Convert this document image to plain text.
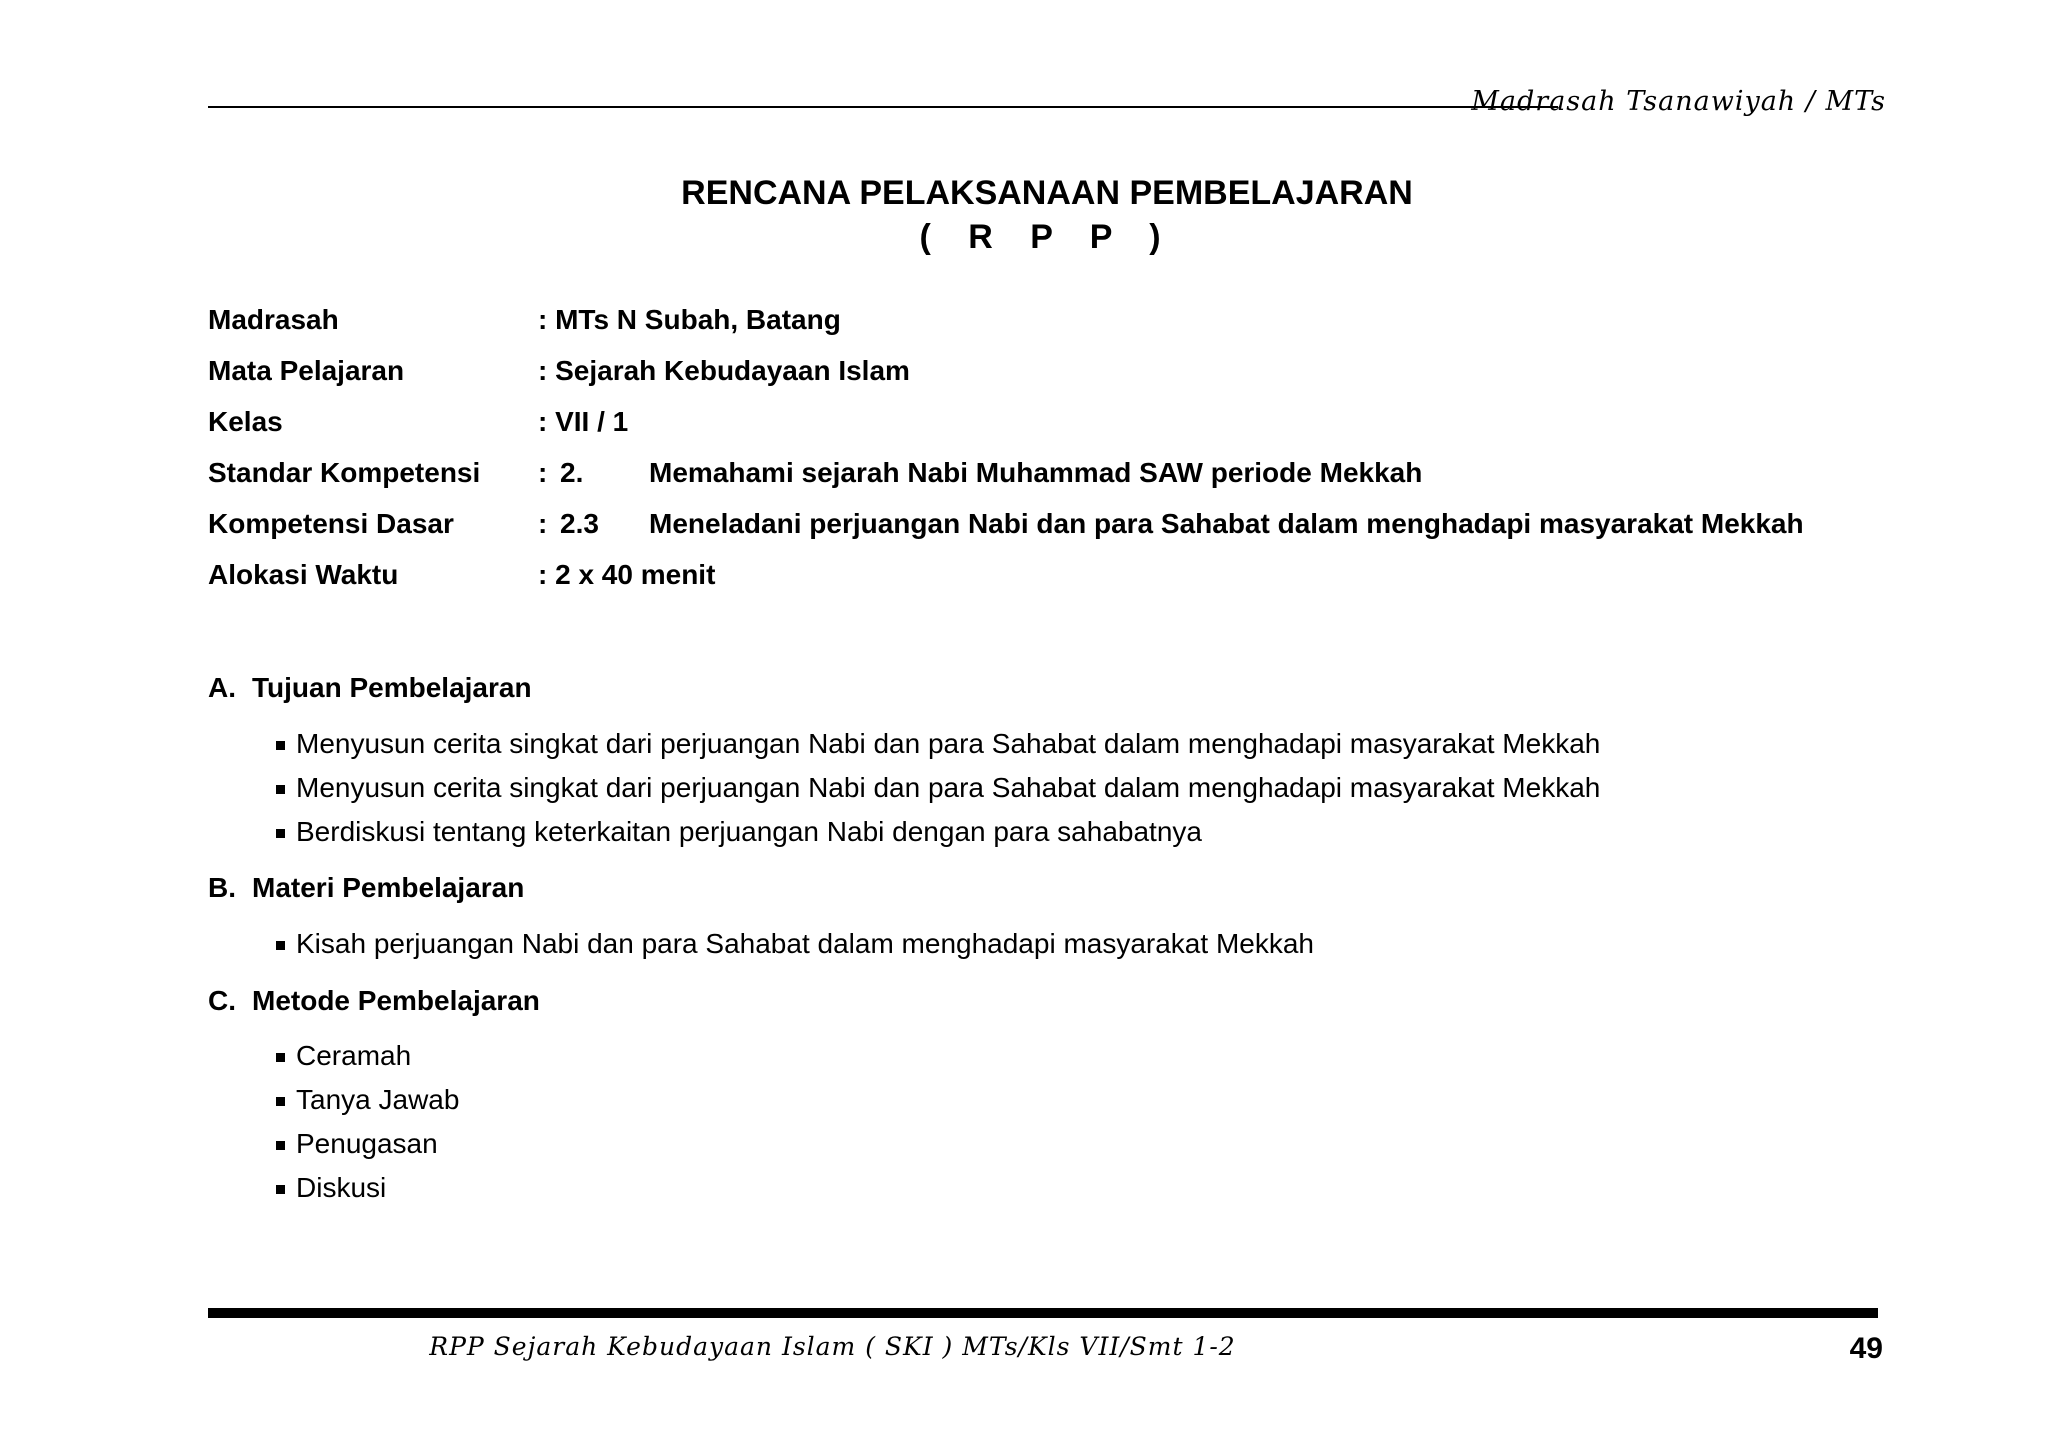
Madrasah Tsanawiyah / MTs
RENCANA PELAKSANAAN PEMBELAJARAN
( R P P )
Madrasah	: MTs N Subah, Batang
Mata Pelajaran	: Sejarah Kebudayaan Islam
Kelas	: VII / 1
Standar Kompetensi : 2. Memahami sejarah Nabi Muhammad SAW periode Mekkah
Kompetensi Dasar	: 2.3 Meneladani perjuangan Nabi dan para Sahabat dalam menghadapi masyarakat Mekkah
Alokasi Waktu	: 2 x 40 menit
A. Tujuan Pembelajaran
Menyusun cerita singkat dari perjuangan Nabi dan para Sahabat dalam menghadapi masyarakat Mekkah
Menyusun cerita singkat dari perjuangan Nabi dan para Sahabat dalam menghadapi masyarakat Mekkah
Berdiskusi tentang keterkaitan perjuangan Nabi dengan para sahabatnya
B. Materi Pembelajaran
Kisah perjuangan Nabi dan para Sahabat dalam menghadapi masyarakat Mekkah
C. Metode Pembelajaran
Ceramah
Tanya Jawab
Penugasan
Diskusi
RPP Sejarah Kebudayaan Islam ( SKI ) MTs/Kls VII/Smt 1-2	49
